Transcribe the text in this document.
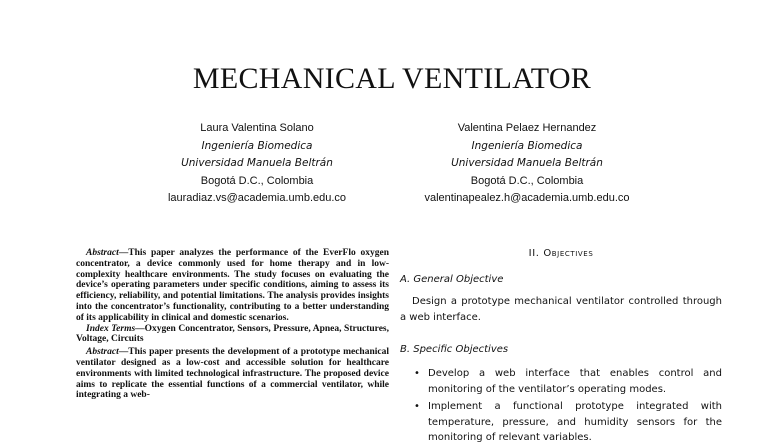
MECHANICAL VENTILATOR
Laura Valentina Solano
Ingeniería Biomedica
Universidad Manuela Beltrán
Bogotá D.C., Colombia
lauradiaz.vs@academia.umb.edu.co
Valentina Pelaez Hernandez
Ingeniería Biomedica
Universidad Manuela Beltrán
Bogotá D.C., Colombia
valentinapealez.h@academia.umb.edu.co

Abstract—This paper analyzes the performance of the EverFlo oxygen concentrator, a device commonly used for home therapy and in low-complexity healthcare environments. The study focuses on evaluating the device’s operating parameters under specific conditions, aiming to assess its efficiency, reliability, and potential limitations. The analysis provides insights into the concentrator’s functionality, contributing to a better understanding of its applicability in clinical and domestic scenarios.

Index Terms—Oxygen Concentrator, Sensors, Pressure, Apnea, Structures, Voltage, Circuits

Abstract—This paper presents the development of a prototype mechanical ventilator designed as a low-cost and accessible solution for healthcare environments with limited technological infrastructure. The proposed device aims to replicate the essential functions of a commercial ventilator, while integrating a web-

II. Objectives
A. General Objective
Design a prototype mechanical ventilator controlled through a web interface.
B. Specific Objectives
• Develop a web interface that enables control and monitoring of the ventilator’s operating modes.
• Implement a functional prototype integrated with temperature, pressure, and humidity sensors for the monitoring of relevant variables.
